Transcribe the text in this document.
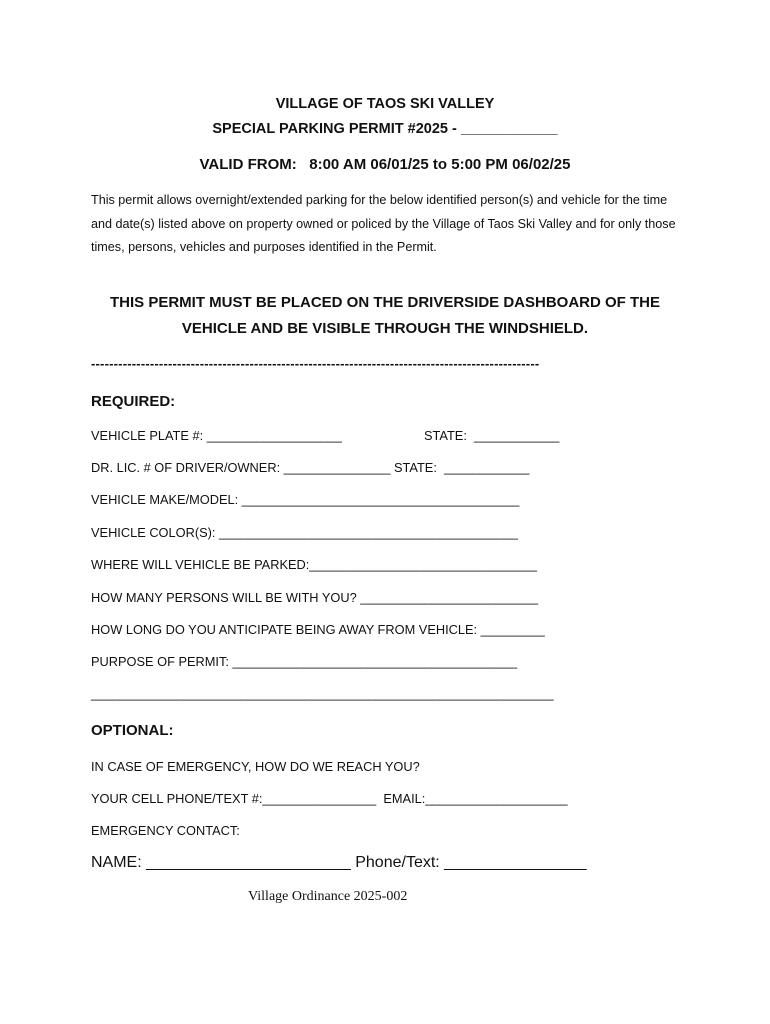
VILLAGE OF TAOS SKI VALLEY
SPECIAL PARKING PERMIT #2025 - ____________
VALID FROM:   8:00 AM 06/01/25 to 5:00 PM 06/02/25
This permit allows overnight/extended parking for the below identified person(s) and vehicle for the time and date(s) listed above on property owned or policed by the Village of Taos Ski Valley and for only those times, persons, vehicles and purposes identified in the Permit.
THIS PERMIT MUST BE PLACED ON THE DRIVERSIDE DASHBOARD OF THE VEHICLE AND BE VISIBLE THROUGH THE WINDSHIELD.
---------------------------------------------------------------------------------------------------
REQUIRED:
VEHICLE PLATE #: ___________________	STATE:  ____________
DR. LIC. # OF DRIVER/OWNER: _______________ STATE:  ____________
VEHICLE MAKE/MODEL: _______________________________________
VEHICLE COLOR(S): __________________________________________
WHERE WILL VEHICLE BE PARKED:________________________________
HOW MANY PERSONS WILL BE WITH YOU? _________________________
HOW LONG DO YOU ANTICIPATE BEING AWAY FROM VEHICLE: _________
PURPOSE OF PERMIT: ________________________________________
_________________________________________________________________
OPTIONAL:
IN CASE OF EMERGENCY, HOW DO WE REACH YOU?
YOUR CELL PHONE/TEXT #:________________  EMAIL:____________________
EMERGENCY CONTACT:
NAME: _______________________ Phone/Text: ________________
Village Ordinance 2025-002
